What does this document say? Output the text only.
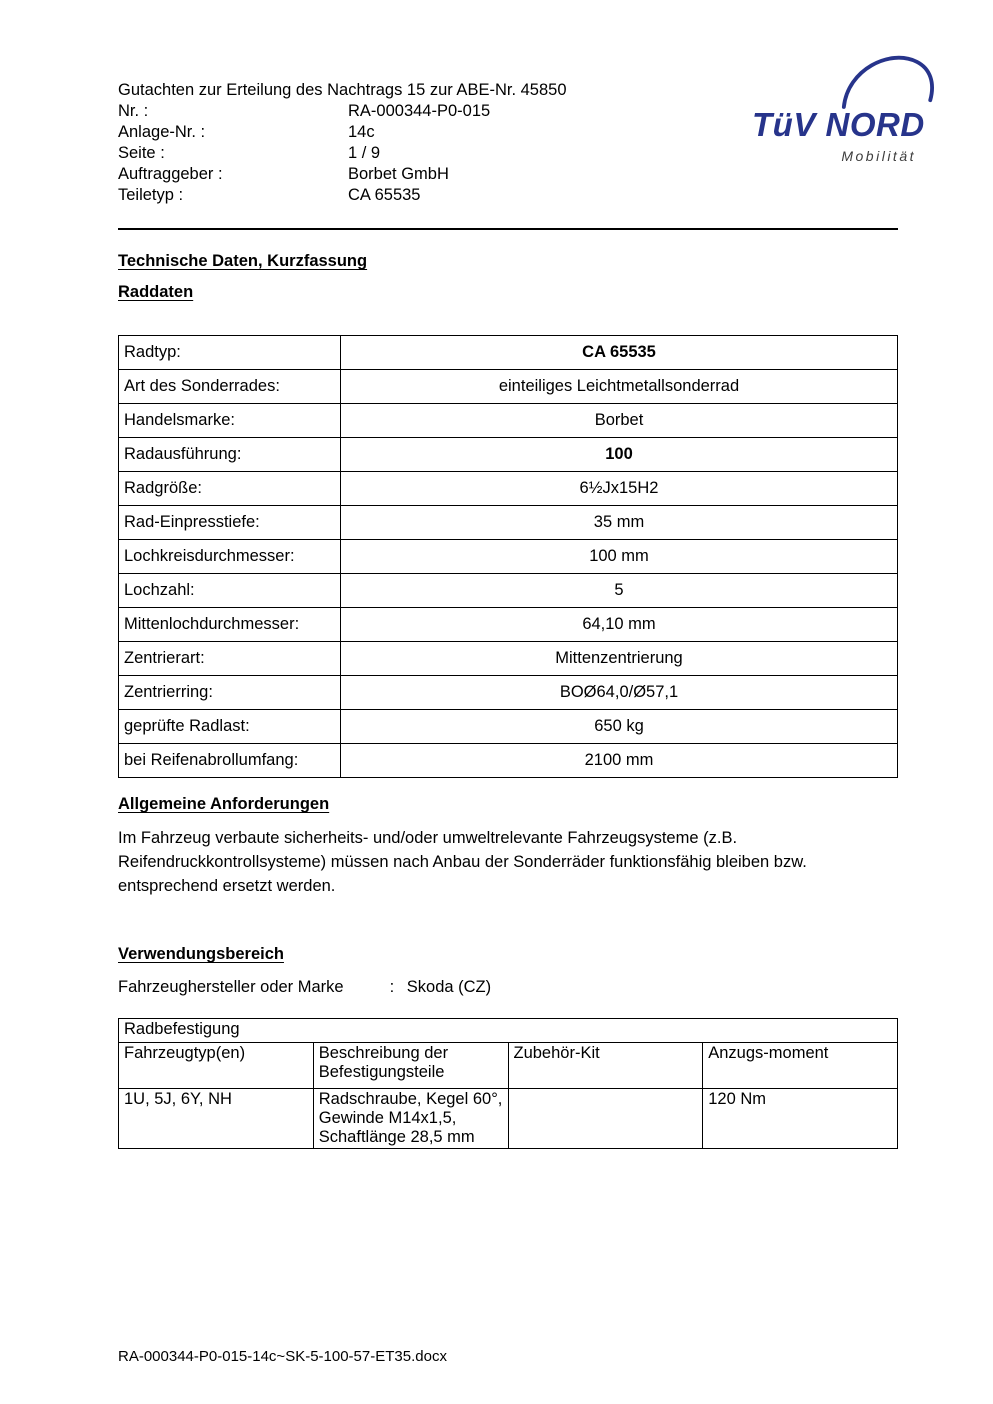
Gutachten zur Erteilung des Nachtrags 15 zur ABE-Nr. 45850
Nr. :	RA-000344-P0-015
Anlage-Nr. :	14c
Seite :	1 / 9
Auftraggeber :	Borbet GmbH
Teiletyp :	CA 65535
TüV NORD
Mobilität
Technische Daten, Kurzfassung
Raddaten
Radtyp:	CA 65535
Art des Sonderrades:	einteiliges Leichtmetallsonderrad
Handelsmarke:	Borbet
Radausführung:	100
Radgröße:	6½Jx15H2
Rad-Einpresstiefe:	35 mm
Lochkreisdurchmesser:	100 mm
Lochzahl:	5
Mittenlochdurchmesser:	64,10 mm
Zentrierart:	Mittenzentrierung
Zentrierring:	BOØ64,0/Ø57,1
geprüfte Radlast:	650 kg
bei Reifenabrollumfang:	2100 mm
Allgemeine Anforderungen

Im Fahrzeug verbaute sicherheits- und/oder umweltrelevante Fahrzeugsysteme (z.B. Reifendruckkontrollsysteme) müssen nach Anbau der Sonderräder funktionsfähig bleiben bzw. entsprechend ersetzt werden.

Verwendungsbereich
Fahrzeughersteller oder Marke	: Skoda (CZ)
Radbefestigung			
Fahrzeugtyp(en)	Beschreibung der Befestigungsteile	Zubehör-Kit	Anzugs-moment
1U, 5J, 6Y, NH	Radschraube, Kegel 60°, Gewinde M14x1,5, Schaftlänge 28,5 mm		120 Nm
RA-000344-P0-015-14c~SK-5-100-57-ET35.docx
